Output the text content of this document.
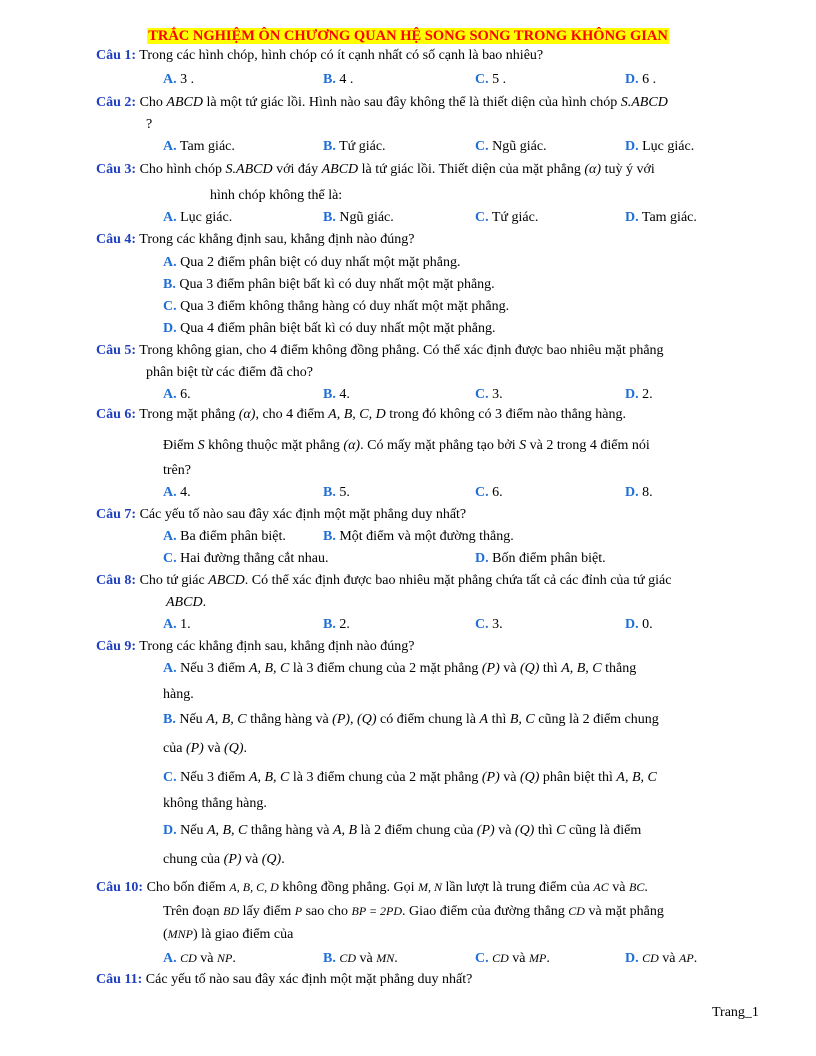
TRẮC NGHIỆM ÔN CHƯƠNG QUAN HỆ SONG SONG TRONG KHÔNG GIAN
Câu 1: Trong các hình chóp, hình chóp có ít cạnh nhất có số cạnh là bao nhiêu?
A. 3 .	B. 4 .	C. 5 .	D. 6 .
Câu 2: Cho ABCD là một tứ giác lồi. Hình nào sau đây không thể là thiết diện của hình chóp S.ABCD
?
A. Tam giác.	B. Tứ giác.	C. Ngũ giác.	D. Lục giác.
Câu 3: Cho hình chóp S.ABCD với đáy ABCD là tứ giác lồi. Thiết diện của mặt phẳng (α) tuỳ ý với
hình chóp không thể là:
A. Lục giác.	B. Ngũ giác.	C. Tứ giác.	D. Tam giác.
Câu 4: Trong các khẳng định sau, khẳng định nào đúng?
A. Qua 2 điểm phân biệt có duy nhất một mặt phẳng.
B. Qua 3 điểm phân biệt bất kì có duy nhất một mặt phẳng.
C. Qua 3 điểm không thẳng hàng có duy nhất một mặt phẳng.
D. Qua 4 điểm phân biệt bất kì có duy nhất một mặt phẳng.
Câu 5: Trong không gian, cho 4 điểm không đồng phẳng. Có thể xác định được bao nhiêu mặt phẳng
phân biệt từ các điểm đã cho?
A. 6.	B. 4.	C. 3.	D. 2.
Câu 6: Trong mặt phẳng (α), cho 4 điểm A, B, C, D trong đó không có 3 điểm nào thẳng hàng.
Điểm S không thuộc mặt phẳng (α). Có mấy mặt phẳng tạo bởi S và 2 trong 4 điểm nói
trên?
A. 4.	B. 5.	C. 6.	D. 8.
Câu 7: Các yếu tố nào sau đây xác định một mặt phẳng duy nhất?
A. Ba điểm phân biệt.	B. Một điểm và một đường thẳng.
C. Hai đường thẳng cắt nhau.	D. Bốn điểm phân biệt.
Câu 8: Cho tứ giác ABCD. Có thể xác định được bao nhiêu mặt phẳng chứa tất cả các đỉnh của tứ giác
ABCD.
A. 1.	B. 2.	C. 3.	D. 0.
Câu 9: Trong các khẳng định sau, khẳng định nào đúng?
A. Nếu 3 điểm A, B, C là 3 điểm chung của 2 mặt phẳng (P) và (Q) thì A, B, C thẳng
hàng.
B. Nếu A, B, C thẳng hàng và (P), (Q) có điểm chung là A thì B, C cũng là 2 điểm chung
của (P) và (Q).
C. Nếu 3 điểm A, B, C là 3 điểm chung của 2 mặt phẳng (P) và (Q) phân biệt thì A, B, C
không thẳng hàng.
D. Nếu A, B, C thẳng hàng và A, B là 2 điểm chung của (P) và (Q) thì C cũng là điểm
chung của (P) và (Q).
Câu 10: Cho bốn điểm A, B, C, D không đồng phẳng. Gọi M, N lần lượt là trung điểm của AC và BC.
Trên đoạn BD lấy điểm P sao cho BP = 2PD. Giao điểm của đường thẳng CD và mặt phẳng
(MNP) là giao điểm của
A. CD và NP.	B. CD và MN.	C. CD và MP.	D. CD và AP.
Câu 11: Các yếu tố nào sau đây xác định một mặt phẳng duy nhất?
Trang_1
